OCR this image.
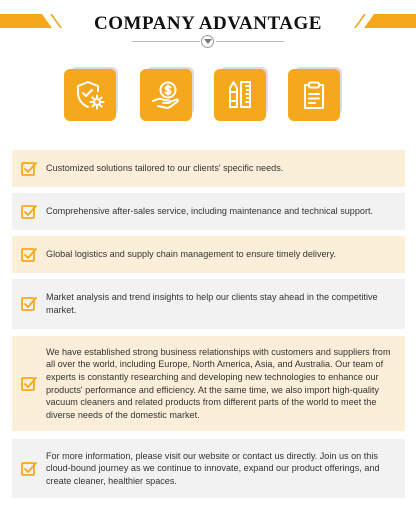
COMPANY ADVANTAGE
Customized solutions tailored to our clients' specific needs.
Comprehensive after-sales service, including maintenance and technical support.
Global logistics and supply chain management to ensure timely delivery.
Market analysis and trend insights to help our clients stay ahead in the competitive market.
We have established strong business relationships with customers and suppliers from all over the world, including Europe, North America, Asia, and Australia. Our team of experts is constantly researching and developing new technologies to enhance our products' performance and efficiency. At the same time, we also import high-quality vacuum cleaners and related products from different parts of the world to meet the diverse needs of the domestic market.
For more information, please visit our website or contact us directly. Join us on this cloud-bound journey as we continue to innovate, expand our product offerings, and create cleaner, healthier spaces.
